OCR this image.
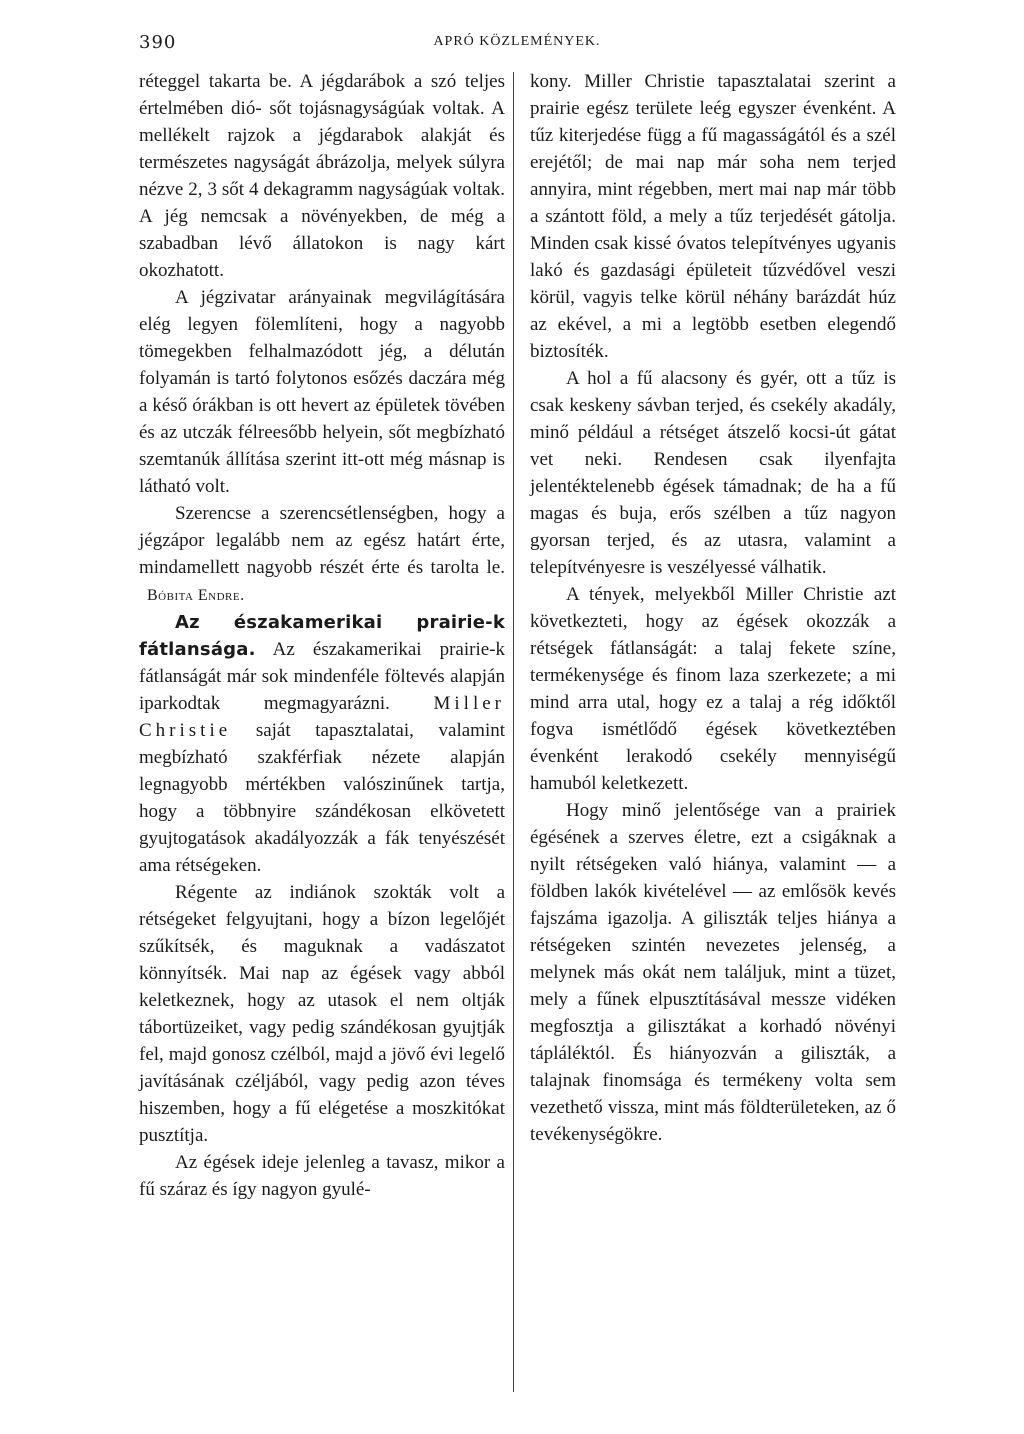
390	APRÓ KÖZLEMÉNYEK.

réteggel takarta be. A jégdarábok a szó teljes értelmében dió- sőt tojásnagyságúak voltak. A mellékelt rajzok a jégdarabok alakját és természetes nagyságát ábrázolja, melyek súlyra nézve 2, 3 sőt 4 dekagramm nagyságúak voltak. A jég nemcsak a növényekben, de még a szabadban lévő állatokon is nagy kárt okozhatott.

A jégzivatar arányainak megvilágítására elég legyen fölemlíteni, hogy a nagyobb tömegekben felhalmazódott jég, a délután folyamán is tartó folytonos esőzés daczára még a késő órákban is ott hevert az épületek tövében és az utczák félreesőbb helyein, sőt megbízható szemtanúk állítása szerint itt-ott még másnap is látható volt.

Szerencse a szerencsétlenségben, hogy a jégzápor legalább nem az egész határt érte, mindamellett nagyobb részét érte és tarolta le. Bóbita Endre.

Az északamerikai prairie-k fátlansága. Az északamerikai prairie-k fátlanságát már sok mindenféle föltevés alapján iparkodtak megmagyarázni. Miller Christie saját tapasztalatai, valamint megbízható szakférfiak nézete alapján legnagyobb mértékben valószinűnek tartja, hogy a többnyire szándékosan elkövetett gyujtogatások akadályozzák a fák tenyészését ama rétségeken.

Régente az indiánok szokták volt a rétségeket felgyujtani, hogy a bízon legelőjét szűkítsék, és maguknak a vadászatot könnyítsék. Mai nap az égések vagy abból keletkeznek, hogy az utasok el nem oltják tábortüzeiket, vagy pedig szándékosan gyujtják fel, majd gonosz czélból, majd a jövő évi legelő javításának czéljából, vagy pedig azon téves hiszemben, hogy a fű elégetése a moszkitókat pusztítja.

Az égések ideje jelenleg a tavasz, mikor a fű száraz és így nagyon gyulé-

kony. Miller Christie tapasztalatai szerint a prairie egész területe leég egyszer évenként. A tűz kiterjedése függ a fű magasságától és a szél erejétől; de mai nap már soha nem terjed annyira, mint régebben, mert mai nap már több a szántott föld, a mely a tűz terjedését gátolja. Minden csak kissé óvatos telepítvényes ugyanis lakó és gazdasági épületeit tűzvédővel veszi körül, vagyis telke körül néhány barázdát húz az ekével, a mi a legtöbb esetben elegendő biztosíték.

A hol a fű alacsony és gyér, ott a tűz is csak keskeny sávban terjed, és csekély akadály, minő például a rétséget átszelő kocsi-út gátat vet neki. Rendesen csak ilyenfajta jelentéktelenebb égések támadnak; de ha a fű magas és buja, erős szélben a tűz nagyon gyorsan terjed, és az utasra, valamint a telepítvényesre is veszélyessé válhatik.

A tények, melyekből Miller Christie azt következteti, hogy az égések okozzák a rétségek fátlanságát: a talaj fekete színe, termékenysége és finom laza szerkezete; a mi mind arra utal, hogy ez a talaj a rég időktől fogva ismétlődő égések következtében évenként lerakodó csekély mennyiségű hamuból keletkezett.

Hogy minő jelentősége van a prairiek égésének a szerves életre, ezt a csigáknak a nyilt rétségeken való hiánya, valamint — a földben lakók kivételével — az emlősök kevés fajszáma igazolja. A giliszták teljes hiánya a rétségeken szintén nevezetes jelenség, a melynek más okát nem találjuk, mint a tüzet, mely a fűnek elpusztításával messze vidéken megfosztja a gilisztákat a korhadó növényi tápláléktól. És hiányozván a giliszták, a talajnak finomsága és termékeny volta sem vezethető vissza, mint más földterületeken, az ő tevékenységökre.
